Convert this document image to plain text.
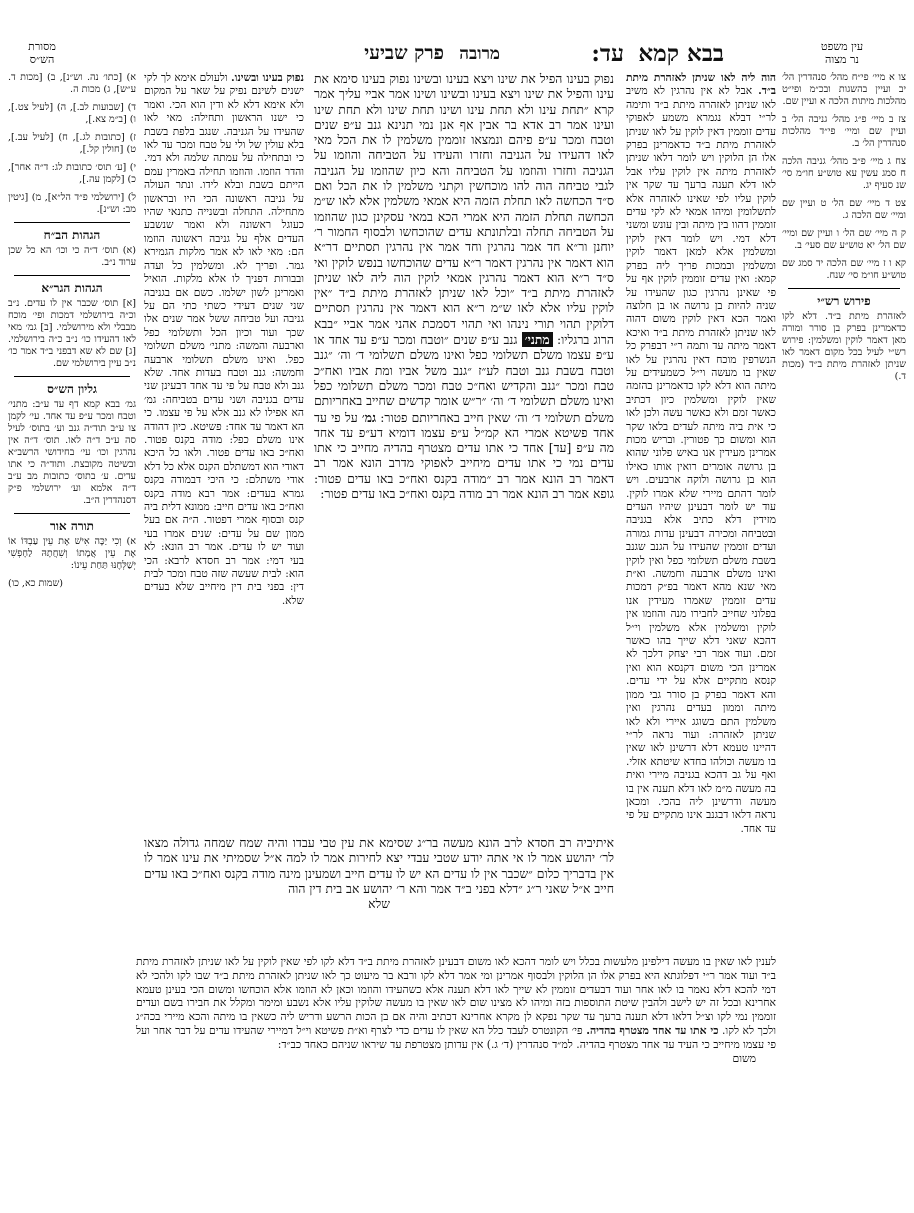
עד:
מרובה
פרק שביעי	בבא קמא	עין משפט
נר מצוה
מסורת
הש״ס

צו א מיי׳ פי״ח מהל׳ סנהדרין הל׳ יב ועיין בהשגות ובכ״מ ופי״ט מהלכות מיתות הלכה א ועיין שם.

צז ב מיי׳ פ״ג מהל׳ גניבה הל׳ ב ועיין שם ומיי׳ פי״ד מהלכות סנהדרין הל׳ ב.

צח ג מיי׳ פ״ב מהל׳ גניבה הלכה ח סמג עשין עא טוש״ע חו״מ סי׳ שנ סעיף יג.

צט ד מיי׳ שם הל׳ ט ועיין שם ומיי׳ שם הלכה ג.

ק ה מיי׳ שם הל׳ ו ועיין שם ומיי׳ שם הל׳ יא טוש״ע שם סעי׳ ב.

קא ו ז מיי׳ שם הלכה יד סמג שם טוש״ע חו״מ סי׳ שנח.

פירוש רש״י

לאזהרת מיתת ב״ד. דלא לקו כדאמרינן בפרק בן סורר ומורה מאן דאמר לוקין ומשלמין: פירוש רש״י לעיל בכל מקום דאמר לאו שניתן לאזהרת מיתת ב״ד (מכות ד.)

הוה ליה לאו שניתן לאזהרת מיתת ב״ד. אבל לא אין נהרגין לא משיב לאו שניתן לאזהרה מיתת ב״ד ותימה לר״י דבלא נגמרא משמע לאפוקי עדים זוממין דאין לוקין על לאו שניתן לאזהרת מיתת ב״ד כדאמרינן בפרק אלו הן הלוקין ויש לומר דלאו שניתן לאזהרת מיתה אין לוקין עליו אבל לאו דלא תענה ברעך עד שקר אין לוקין עליו לפי שאינו לאזהרה אלא לתשלומין ומיהו אמאי לא לקי עדים זוממין דהוו בין מיתה ובין עונש ומשני דלא דמי. ויש לומר דאין לוקין ומשלמין אלא למאן דאמר לוקין ומשלמין ובמכות פריך ליה בפרק קמא: ואין עדים זוממין לוקין אף על פי שאינן נהרגין כגון שהעידו על שניה להיות בן גרושה או בן חלוצה ואמר הכא דאין לוקין משום דהוה לאו שניתן לאזהרת מיתת ב״ד ואיכא דאמר מיתה עד ותמה ר״י דבפרק כל הנשרפין מוכח דאין נהרגין על לאו שאין בו מעשה וי״ל כשמעידים על מיתה הוא דלא לקו כדאמרינן בהזמה שאין לוקין ומשלמין כיון דכתיב כאשר זמם ולא כאשר עשה ולכן לאו כי אית ביה מיתה לעדים בלאו שקר הוא ומשום כך פטורין. ובריש מכות אמרינן מעידין אנו באיש פלוני שהוא בן גרושה אומרים רואין אותו כאילו הוא בן גרושה ולוקה ארבעים. ויש לומר דהתם מיירי שלא אמרו לוקין. עוד יש לומר דבעינן שיהיו העדים מזידין דלא כתיב אלא בגניבה ובטביחה ומכירה דבעינן עדות גמורה ועדים זוממין שהעידו על הגנב שגנב בשבת משלם תשלומי כפל ואין לוקין ואינו משלם ארבעה וחמשה. וא״ת מאי שנא מהא דאמר בפ״ק דמכות עדים זוממין שאמרו מעידין אנו בפלוני שחייב לחבירו מנה והוזמו אין לוקין ומשלמין אלא משלמין וי״ל דהכא שאני דלא שייך בהו כאשר זמם. ועוד אמר רבי יצחק דלכך לא אמרינן הכי משום דקנסא הוא ואין קנסא מתקיים אלא על ידי עדים. והא דאמר בפרק בן סורר גבי ממון מיתה וממון בעדים נהרגין ואין משלמין התם בשוגג איירי ולא לאו שניתן לאזהרה: ועוד נראה לר״י דהיינו טעמא דלא דרשינן לאו שאין בו מעשה וכולהו בחדא שיטתא אזלי. ואף על גב דהכא בגניבה מיירי ואית בה מעשה מ״מ לאו דלא תענה אין בו מעשה ודרשינן ליה בהכי. ומכאן נראה דלאו דבגנב אינו מתקיים על פי עד אחד.
נפוק בעינו הפיל את שינו ויצא בעינו ובשינו נפוק בעינו סימא את עינו והפיל את שינו ויצא בעינו ובשינו ושינו אמר אביי עליך אמר קרא ״תחת עינו ולא תחת עינו ושינו תחת שינו ולא תחת שינו ועינו אמר רב אדא בר אבין אף אנן נמי תנינא גנב ע״פ שנים וטבח ומכר ע״פ פיהם ונמצאו זוממין משלמין לו את הכל מאי לאו דהעידו על הגניבה וחזרו והעידו על הטביחה והוזמו על הגניבה וחזרו והוזמו על הטביחה והא כיון שהוזמו על הגניבה לגבי טביחה הוה להו מוכחשין וקתני משלמין לו את הכל ואם ס״ד הכחשה לאו תחלת הזמה היא אמאי משלמין אלא לאו ש״מ הכחשה תחלת הזמה היא אמרי הכא במאי עסקינן כגון שהוזמו על הטביחה תחלה ובלתונתא עדים שהוכחשו ולבסוף החמור ר׳ יוחנן ור״א חד אמר נהרגין וחד אמר אין נהרגין תסתיים דר״א הוא דאמר אין נהרגין דאמר ר״א עדים שהוכחשו בנפש לוקין ואי ס״ד ר״א הוא דאמר נהרגין אמאי לוקין הוה ליה לאו שניתן לאזהרת מיתת ב״ד ״וכל לאו שניתן לאזהרת מיתת ב״ד ״אין לוקין עליו אלא לאו ש״מ ר״א הוא דאמר אין נהרגין תסתיים דלוקין תהוי תורי נינהו ואי תהוי דסמכת אהני אמר אביי ״בבא הרוג ברגליו: מתני׳ גנב ע״פ שנים ״וטבח ומכר ע״פ עד אחד או ע״פ עצמו משלם תשלומי כפל ואינו משלם תשלומי ד׳ וה׳ ״גנב וטבח בשבת גנב וטבח לע״ז ״גנב משל אביו ומת אביו ואח״כ טבח ומכר ״גנב והקדיש ואח״כ טבח ומכר משלם תשלומי כפל ואינו משלם תשלומי ד׳ וה׳ ״ר״ש אומר קדשים שחייב באחריותם משלם תשלומי ד׳ וה׳ שאין חייב באחריותם פטור: גמ׳ על פי עד אחד פשיטא אמרי הא קמ״ל ע״פ עצמו דומיא דע״פ עד אחד מה ע״פ [עד] אחד כי אתו עדים מצטרף בהדיה מחייב כי אתו עדים נמי כי אתו עדים מיחייב לאפוקי מדרב הונא אמר רב דאמר רב הונא אמר רב ״מודה בקנס ואח״כ באו עדים פטור: גופא אמר רב הונא אמר רב מודה בקנס ואח״כ באו עדים פטור:
נפוק בעינו ובשינו. ולעולם אימא לך לקי ישנים לשינם נפיק על שאר על המקום ולא אימא דלא לא ודין הוא הכי. ואמר כי ישנו הראשון ותחילה: מאי לאו שהעידו על הגניבה. שנגב בלפת בשבת בלא עולין של ולי על טבח ומכר עד לאו כי ובתחילה על עמתה שלמה ולא דמי. והדר הוזמו. והוזמו תחילה באמרין עמם הייתם בשבת ובלא לידו. ונתר העולה על גניבה ראשונה הכי היו ובראשון מתחילה. התחלה ובשנייה כתנאי שהיו כעוגל ראשונה ולא ואמר שנשבע העדים אלף על גניבה ראשונה הוזמו הם: מאי לאו לא אמר מלקות הגמירא גמר. ופריך לא. ומשלמין כל ועדה ובבורות דפניך לו אלא מלקות. הואיל ואמרינן לשון ישלמו. כשם אם בגניבה שני שנים דעידי כשתי כתי הם על גניבה ועל טביחה ששל אמר שנים אלו שכך ועוד וכיון הכל ותשלומי כפל וארבעה והמשה: מתני׳ משלם תשלומי כפל. ואינו משלם תשלומי ארבעה וחמשה: גנב וטבח בעדות אחד. שלא גנב ולא טבח על פי עד אחד דבעינן שני עדים בגניבה ושני עדים בטביחה: גמ׳ הא אפילו לא גנב אלא על פי עצמו. כי הא דאמר עד אחד: פשיטא. כיון דהודה אינו משלם כפל: מודה בקנס פטור. ואח״כ באו עדים פטור. ולאו כל היכא דאודי הוא דמשתלם הקנס אלא כל דלא אודי משתלם: כי היכי דבמודה בקנס גמרא בעדים: אמר רבא מודה בקנס ואח״כ באו עדים חייב: ממונא דלית ביה קנס ובסוף אמרי דפטור. ה״ה אם בעל ממון שם על עדים: שנים אמרו בעי ועוד יש לו עדים. אמר רב הונא: לא בעי דמי: אמר רב חסדא לרבא: הכי הוא: לבית שעשה שזה טבח ומכר לבית דין: בפני בית דין מיחייב שלא בעדים שלא.
איתיביה רב חסדא לרב הונא מעשה בר״ג שסימא את עין טבי עבדו והיה שמח שמחה גדולה מצאו לר׳ יהושע אמר לו אי אתה יודע שטבי עבדי יצא לחירות אמר לו למה א״ל שסמיתי את עינו אמר לו אין בדבריך כלום ״שכבר אין לו עדים הא יש לו עדים חייב ושמעינן מינה מודה בקנס ואח״כ באו עדים חייב א״ל שאני ר״ג ״דלא בפני ב״ד אמר והא ר׳ יהושע אב בית דין הוה
שלא

א) [כתו׳ נה. וש״נ], ב) [מכות ד. ע״ש], ג) מכות ה.

ד) [שבועות לב.], ה) [לעיל צט.], ו) [ב״מ צא.],

ז) [כתובות לג.], ח) [לעיל עב.], ט) [חולין קל.],

י) [ע׳ תוס׳ כתובות לג: ד״ה אחר], כ) [לקמן עה.],

ל) [ירושלמי פ״ד הל״א], מ) [גיטין מב: וש״נ].

הגהות הב״ח

(א) תוס׳ ד״ה כי וכו׳ הא כל שכן ערוד נ״ב.

הגהות הגר״א

[א] תוס׳ שכבר אין לו עדים. נ״ב וכ״ה בירושלמי דמכות ופי׳ מוכח מבבלי ולא מירושלמי. [ב] גמ׳ מאי לאו דהעידו כו׳ נ״ב כ״ה בירושלמי. [ג] שם לא שא דבפני ב״ד אמר כו׳ נ״ב עיין בירושלמי שם.

גליון הש״ס

גמ׳ בבא קמא דף עד ע״ב: מתני׳ וטבח ומכר ע״פ עד אחד. עי׳ לקמן צו ע״ב תוד״ה גנב וע׳ בתוס׳ לעיל סה ע״ב ד״ה לאו. תוס׳ ד״ה אין נהרגין וכו׳ עי׳ בחידושי הרשב״א ובשיטה מקובצת. ותוד״ה כי אתו עדים. ע׳ בתוס׳ כתובות מב ע״ב ד״ה אלמא וע׳ ירושלמי פ״ק דסנהדרין ה״ב.

תורה אור

א) וְכִי יַכֶּה אִישׁ אֶת עֵין עַבְדּוֹ אוֹ אֶת עֵין אֲמָתוֹ וְשִׁחֲתָהּ לַחָפְשִׁי יְשַׁלְּחֶנּוּ תַּחַת עֵינוֹ:

(שמות כא, כו)

לענין לאו שאין בו מעשה דילפינן מלעשות בכלל ויש לומר דהכא לאו משום דבעינן לאזהרת מיתת ב״ד דלא לקו לפי שאין לוקין על לאו שניתן לאזהרת מיתת ב״ד ועוד אמר ר״י דפלוגתא היא בפרק אלו הן הלוקין ולבסוף אמרינן ומי אמר דלא לקו ורבא בר מיעוט כך לאו שניתן לאזהרת מיתת ב״ד שבו לקו ולהכי לא דמי להכא דלא נאמר בו לאו אחר ועוד דבעדים זוממין לא שייך לאו דלא תענה אלא כשהעידו והוזמו וכאן לא הוזמו אלא הוכחשו ומשום הכי בעינן טעמא אחרינא ובכל זה יש לישב ולהבין שיטת התוספות בזה ומיהו לא מצינו שום לאו שאין בו מעשה שלוקין עליו אלא נשבע ומימר ומקלל את חבירו בשם ועדים זוממין נמי לקו וצ״ל דלאו דלא תענה ברעך עד שקר נפקא לן מקרא אחרינא דכתיב והיה אם בן הכות הרשע ודריש ליה כשאין בו מיתה והכא מיירי בכה״ג ולכך לא לקו. כי אתו עד אחד מצטרף בהדיה. פי׳ הקונטרס לעבד כלל הא שאין לו עדים כדי לצרף וא״ת פשיטא וי״ל דמיירי שהעידו עדים על דבר אחר ועל פי עצמו מיחייב כי העיד עד אחד מצטרף בהדיה. למ״ד סנהדרין (ד׳ ג.) אין עדותן מצטרפת עד שיראו שניהם כאחד כב״ד:
משום
